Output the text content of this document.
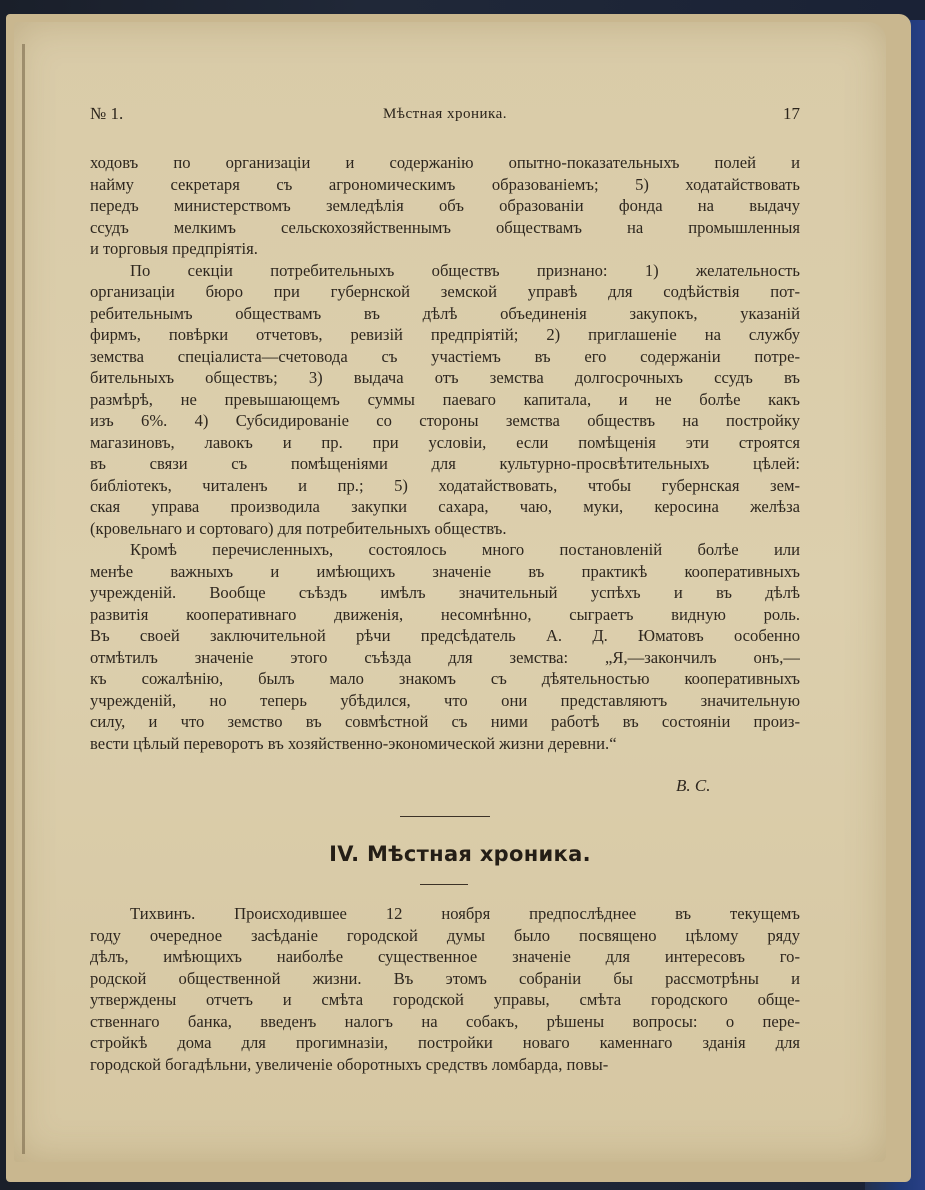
№ 1.	Мѣстная хроника.	17

ходовъ по организаціи и содержанію опытно-показательныхъ полей и
найму секретаря съ агрономическимъ образованіемъ; 5) ходатайствовать
передъ министерствомъ земледѣлія объ образованіи фонда на выдачу
ссудъ мелкимъ сельскохозяйственнымъ обществамъ на промышленныя
и торговыя предпріятія.

По секціи потребительныхъ обществъ признано: 1) желательность
организаціи бюро при губернской земской управѣ для содѣйствія пот-
ребительнымъ обществамъ въ дѣлѣ объединенія закупокъ, указаній
фирмъ, повѣрки отчетовъ, ревизій предпріятій; 2) приглашеніе на службу
земства спеціалиста—счетовода съ участіемъ въ его содержаніи потре-
бительныхъ обществъ; 3) выдача отъ земства долгосрочныхъ ссудъ въ
размѣрѣ, не превышающемъ суммы паеваго капитала, и не болѣе какъ
изъ 6%. 4) Субсидированіе со стороны земства обществъ на постройку
магазиновъ, лавокъ и пр. при условіи, если помѣщенія эти строятся
въ связи съ помѣщеніями для культурно-просвѣтительныхъ цѣлей:
библіотекъ, читаленъ и пр.; 5) ходатайствовать, чтобы губернская зем-
ская управа производила закупки сахара, чаю, муки, керосина желѣза
(кровельнаго и сортоваго) для потребительныхъ обществъ.

Кромѣ перечисленныхъ, состоялось много постановленій болѣе или
менѣе важныхъ и имѣющихъ значеніе въ практикѣ кооперативныхъ
учрежденій. Вообще съѣздъ имѣлъ значительный успѣхъ и въ дѣлѣ
развитія кооперативнаго движенія, несомнѣнно, сыграетъ видную роль.
Въ своей заключительной рѣчи предсѣдатель А. Д. Юматовъ особенно
отмѣтилъ значеніе этого съѣзда для земства: „Я,—закончилъ онъ,—
къ сожалѣнію, былъ мало знакомъ съ дѣятельностью кооперативныхъ
учрежденій, но теперь убѣдился, что они представляютъ значительную
силу, и что земство въ совмѣстной съ ними работѣ въ состояніи произ-
вести цѣлый переворотъ въ хозяйственно-экономической жизни деревни.“

В. С.
IV. Мѣстная хроника.

Тихвинъ. Происходившее 12 ноября предпослѣднее въ текущемъ
году очередное засѣданіе городской думы было посвящено цѣлому ряду
дѣлъ, имѣющихъ наиболѣе существенное значеніе для интересовъ го-
родской общественной жизни. Въ этомъ собраніи бы рассмотрѣны и
утверждены отчетъ и смѣта городской управы, смѣта городского обще-
ственнаго банка, введенъ налогъ на собакъ, рѣшены вопросы: о пере-
стройкѣ дома для прогимназіи, постройки новаго каменнаго зданія для
городской богадѣльни, увеличеніе оборотныхъ средствъ ломбарда, повы-
